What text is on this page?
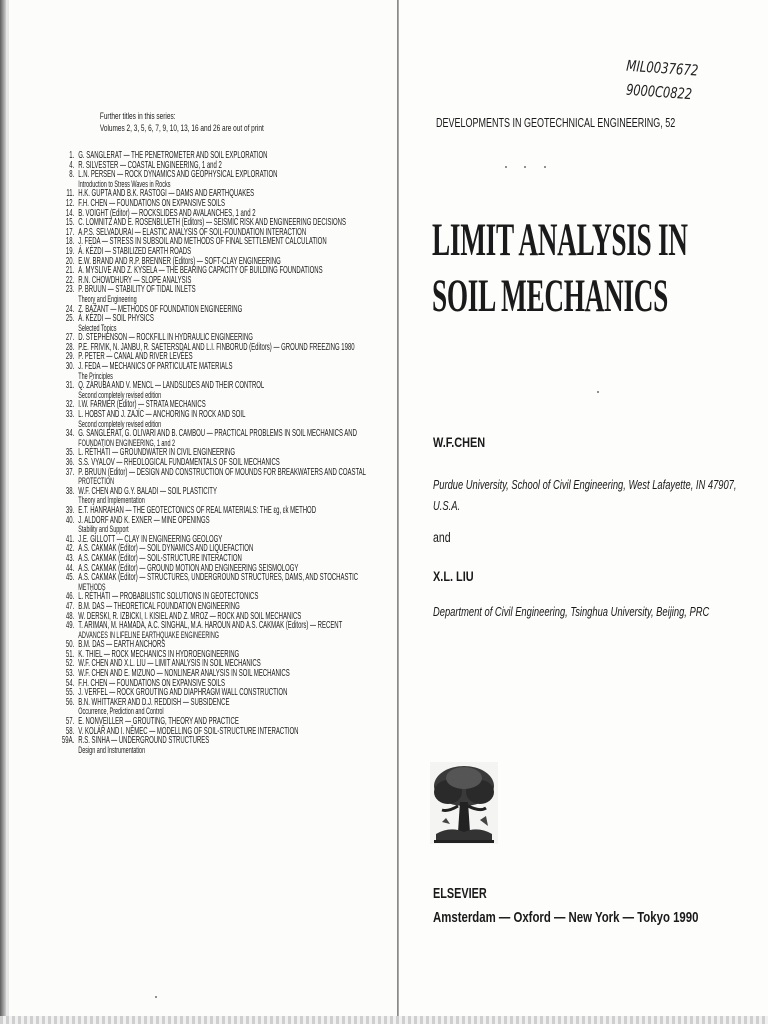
Further titles in this series:
Volumes 2, 3, 5, 6, 7, 9, 10, 13, 16 and 26 are out of print
1. G. SANGLERAT — THE PENETROMETER AND SOIL EXPLORATION
4. R. SILVESTER — COASTAL ENGINEERING, 1 and 2
8. L.N. PERSEN — ROCK DYNAMICS AND GEOPHYSICAL EXPLORATION
Introduction to Stress Waves in Rocks
11. H.K. GUPTA AND B.K. RASTOGI — DAMS AND EARTHQUAKES
12. F.H. CHEN — FOUNDATIONS ON EXPANSIVE SOILS
14. B. VOIGHT (Editor) — ROCKSLIDES AND AVALANCHES, 1 and 2
15. C. LOMNITZ AND E. ROSENBLUETH (Editors) — SEISMIC RISK AND ENGINEERING DECISIONS
17. A.P.S. SELVADURAI — ELASTIC ANALYSIS OF SOIL-FOUNDATION INTERACTION
18. J. FEDA — STRESS IN SUBSOIL AND METHODS OF FINAL SETTLEMENT CALCULATION
19. Á. KÉZDI — STABILIZED EARTH ROADS
20. E.W. BRAND AND R.P. BRENNER (Editors) — SOFT-CLAY ENGINEERING
21. A. MYSLIVE AND Z. KYSELA — THE BEARING CAPACITY OF BUILDING FOUNDATIONS
22. R.N. CHOWDHURY — SLOPE ANALYSIS
23. P. BRUUN — STABILITY OF TIDAL INLETS
Theory and Engineering
24. Z. BAŽANT — METHODS OF FOUNDATION ENGINEERING
25. Á. KÉZDI — SOIL PHYSICS
Selected Topics
27. D. STEPHENSON — ROCKFILL IN HYDRAULIC ENGINEERING
28. P.E. FRIVIK, N. JANBU, R. SAETERSDAL AND L.I. FINBORUD (Editors) — GROUND FREEZING 1980
29. P. PETER — CANAL AND RIVER LEVÉES
30. J. FEDA — MECHANICS OF PARTICULATE MATERIALS
The Principles
31. Q. ZÁRUBA AND V. MENCL — LANDSLIDES AND THEIR CONTROL
Second completely revised edition
32. I.W. FARMER (Editor) — STRATA MECHANICS
33. L. HOBST AND J. ZAJÍC — ANCHORING IN ROCK AND SOIL
Second completely revised edition
34. G. SANGLERAT, G. OLIVARI AND B. CAMBOU — PRACTICAL PROBLEMS IN SOIL MECHANICS AND
FOUNDATION ENGINEERING, 1 and 2
35. L. RÉTHÁTI — GROUNDWATER IN CIVIL ENGINEERING
36. S.S. VYALOV — RHEOLOGICAL FUNDAMENTALS OF SOIL MECHANICS
37. P. BRUUN (Editor) — DESIGN AND CONSTRUCTION OF MOUNDS FOR BREAKWATERS AND COASTAL
PROTECTION
38. W.F. CHEN AND G.Y. BALADI — SOIL PLASTICITY
Theory and Implementation
39. E.T. HANRAHAN — THE GEOTECTONICS OF REAL MATERIALS: THE εg, εk METHOD
40. J. ALDORF AND K. EXNER — MINE OPENINGS
Stability and Support
41. J.E. GILLOTT — CLAY IN ENGINEERING GEOLOGY
42. A.S. CAKMAK (Editor) — SOIL DYNAMICS AND LIQUEFACTION
43. A.S. CAKMAK (Editor) — SOIL-STRUCTURE INTERACTION
44. A.S. CAKMAK (Editor) — GROUND MOTION AND ENGINEERING SEISMOLOGY
45. A.S. CAKMAK (Editor) — STRUCTURES, UNDERGROUND STRUCTURES, DAMS, AND STOCHASTIC
METHODS
46. L. RÉTHÁTI — PROBABILISTIC SOLUTIONS IN GEOTECTONICS
47. B.M. DAS — THEORETICAL FOUNDATION ENGINEERING
48. W. DERSKI, R. IZBICKI, I. KISIEL AND Z. MROZ — ROCK AND SOIL MECHANICS
49. T. ARIMAN, M. HAMADA, A.C. SINGHAL, M.A. HAROUN AND A.S. CAKMAK (Editors) — RECENT
ADVANCES IN LIFELINE EARTHQUAKE ENGINEERING
50. B.M. DAS — EARTH ANCHORS
51. K. THIEL — ROCK MECHANICS IN HYDROENGINEERING
52. W.F. CHEN AND X.L. LIU — LIMIT ANALYSIS IN SOIL MECHANICS
53. W.F. CHEN AND E. MIZUNO — NONLINEAR ANALYSIS IN SOIL MECHANICS
54. F.H. CHEN — FOUNDATIONS ON EXPANSIVE SOILS
55. J. VERFEL — ROCK GROUTING AND DIAPHRAGM WALL CONSTRUCTION
56. B.N. WHITTAKER AND D.J. REDDISH — SUBSIDENCE
Occurrence, Prediction and Control
57. E. NONVEILLER — GROUTING, THEORY AND PRACTICE
58. V. KOLÁŘ AND I. NĚMEC — MODELLING OF SOIL-STRUCTURE INTERACTION
59A. R.S. SINHA — UNDERGROUND STRUCTURES
Design and Instrumentation
MIL0037672
9000C0822
DEVELOPMENTS IN GEOTECHNICAL ENGINEERING, 52
LIMIT ANALYSIS IN
SOIL MECHANICS
W.F.CHEN
Purdue University, School of Civil Engineering, West Lafayette, IN 47907,
U.S.A.
and
X.L. LIU
Department of Civil Engineering, Tsinghua University, Beijing, PRC
ELSEVIER
Amsterdam — Oxford — New York — Tokyo 1990
